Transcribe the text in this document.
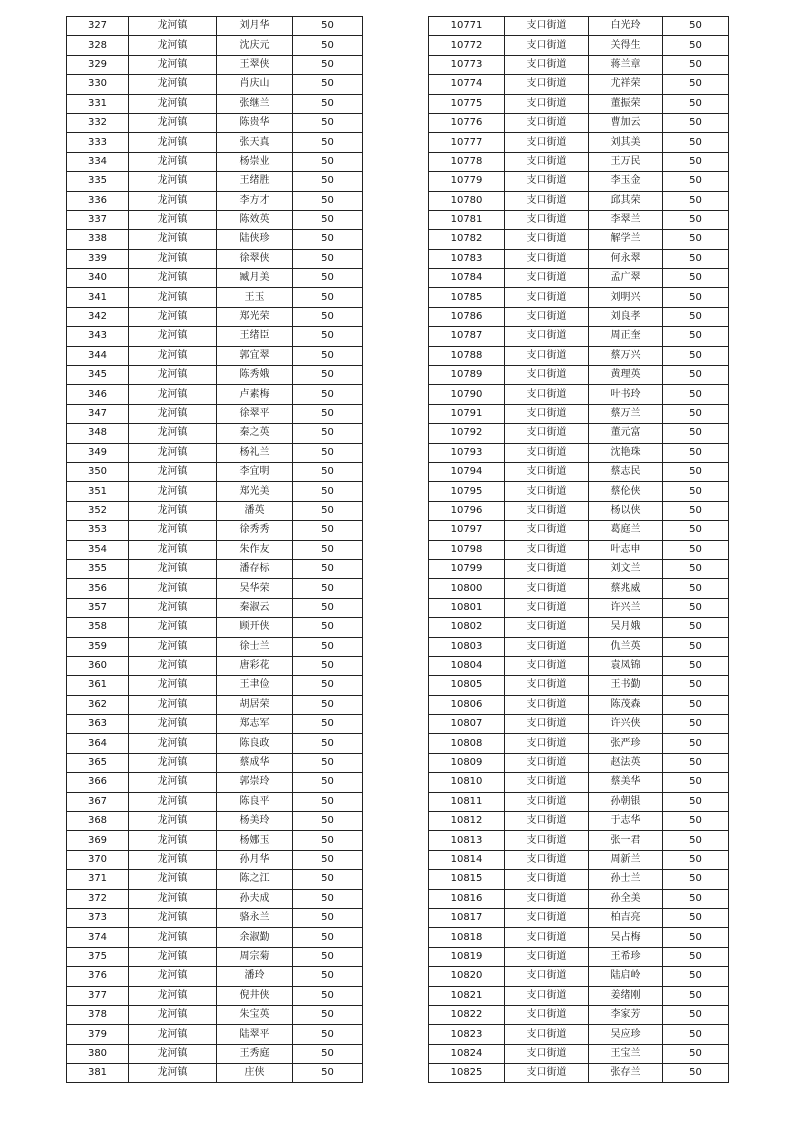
327	龙河镇	刘月华	50
328	龙河镇	沈庆元	50
329	龙河镇	王翠侠	50
330	龙河镇	肖庆山	50
331	龙河镇	张继兰	50
332	龙河镇	陈贵华	50
333	龙河镇	张天真	50
334	龙河镇	杨崇业	50
335	龙河镇	王绪胜	50
336	龙河镇	李方才	50
337	龙河镇	陈效英	50
338	龙河镇	陆侠珍	50
339	龙河镇	徐翠侠	50
340	龙河镇	臧月美	50
341	龙河镇	王玉	50
342	龙河镇	郑光荣	50
343	龙河镇	王绪臣	50
344	龙河镇	郭宜翠	50
345	龙河镇	陈秀娥	50
346	龙河镇	卢素梅	50
347	龙河镇	徐翠平	50
348	龙河镇	秦之英	50
349	龙河镇	杨礼兰	50
350	龙河镇	李宜明	50
351	龙河镇	郑光美	50
352	龙河镇	潘英	50
353	龙河镇	徐秀秀	50
354	龙河镇	朱作友	50
355	龙河镇	潘存标	50
356	龙河镇	吴华荣	50
357	龙河镇	秦淑云	50
358	龙河镇	顾开侠	50
359	龙河镇	徐士兰	50
360	龙河镇	唐彩花	50
361	龙河镇	王聿俭	50
362	龙河镇	胡居荣	50
363	龙河镇	郑志军	50
364	龙河镇	陈良政	50
365	龙河镇	蔡成华	50
366	龙河镇	郭崇玲	50
367	龙河镇	陈良平	50
368	龙河镇	杨美玲	50
369	龙河镇	杨娜玉	50
370	龙河镇	孙月华	50
371	龙河镇	陈之江	50
372	龙河镇	孙夫成	50
373	龙河镇	骆永兰	50
374	龙河镇	余淑勤	50
375	龙河镇	周宗菊	50
376	龙河镇	潘玲	50
377	龙河镇	倪井侠	50
378	龙河镇	朱宝英	50
379	龙河镇	陆翠平	50
380	龙河镇	王秀庭	50
381	龙河镇	庄侠	50
10771	支口街道	白光玲	50
10772	支口街道	关得生	50
10773	支口街道	蒋兰章	50
10774	支口街道	尤祥荣	50
10775	支口街道	董振荣	50
10776	支口街道	曹加云	50
10777	支口街道	刘其美	50
10778	支口街道	王万民	50
10779	支口街道	李玉金	50
10780	支口街道	邱其荣	50
10781	支口街道	李翠兰	50
10782	支口街道	解学兰	50
10783	支口街道	何永翠	50
10784	支口街道	孟广翠	50
10785	支口街道	刘明兴	50
10786	支口街道	刘良孝	50
10787	支口街道	周正奎	50
10788	支口街道	蔡万兴	50
10789	支口街道	黄理英	50
10790	支口街道	叶书玲	50
10791	支口街道	蔡万兰	50
10792	支口街道	董元富	50
10793	支口街道	沈艳珠	50
10794	支口街道	蔡志民	50
10795	支口街道	蔡伦侠	50
10796	支口街道	杨以侠	50
10797	支口街道	葛庭兰	50
10798	支口街道	叶志申	50
10799	支口街道	刘文兰	50
10800	支口街道	蔡兆威	50
10801	支口街道	许兴兰	50
10802	支口街道	吴月娥	50
10803	支口街道	仇兰英	50
10804	支口街道	袁凤锦	50
10805	支口街道	王书勤	50
10806	支口街道	陈茂森	50
10807	支口街道	许兴侠	50
10808	支口街道	张严珍	50
10809	支口街道	赵法英	50
10810	支口街道	蔡美华	50
10811	支口街道	孙朝银	50
10812	支口街道	于志华	50
10813	支口街道	张一君	50
10814	支口街道	周新兰	50
10815	支口街道	孙士兰	50
10816	支口街道	孙全美	50
10817	支口街道	柏吉亮	50
10818	支口街道	吴占梅	50
10819	支口街道	王希珍	50
10820	支口街道	陆启岭	50
10821	支口街道	姜绪刚	50
10822	支口街道	李家芳	50
10823	支口街道	吴应珍	50
10824	支口街道	王宝兰	50
10825	支口街道	张存兰	50
